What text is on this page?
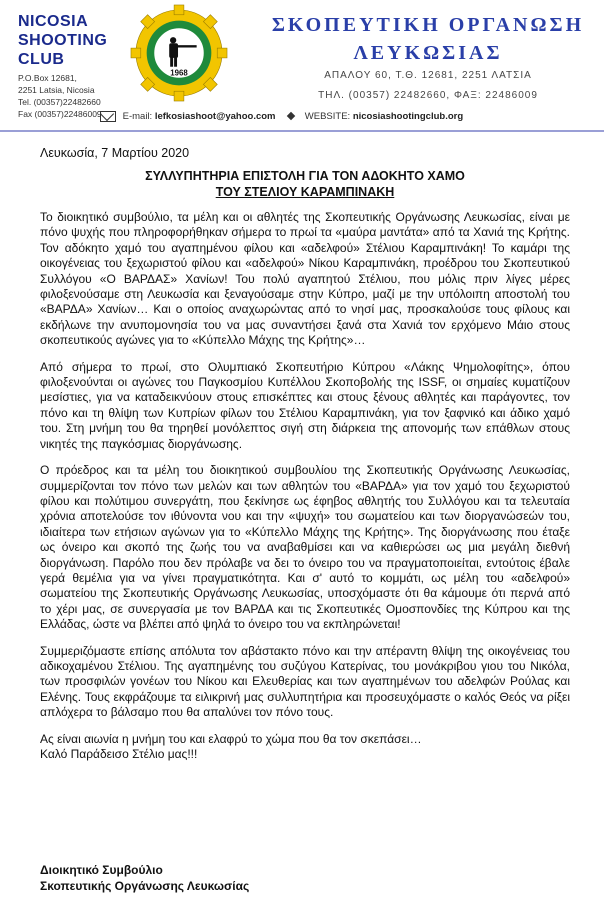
NICOSIA
SHOOTING
CLUB
P.O.Box 12681,
2251 Latsia, Nicosia
Tel. (00357)22482660
Fax (00357)22486009
1968
ΣΚΟΠΕΥΤΙΚΗ ΟΡΓΑΝΩΣΗ
ΛΕΥΚΩΣΙΑΣ
ΑΠΑΛΟΥ 60, Τ.Θ. 12681, 2251 ΛΑΤΣΙΑ
ΤΗΛ. (00357) 22482660, ΦΑΞ: 22486009
E-mail: lefkosiashoot@yahoo.com	WEBSITE: nicosiashootingclub.org
Λευκωσία, 7 Μαρτίου 2020
ΣΥΛΛΥΠΗΤΗΡΙΑ ΕΠΙΣΤΟΛΗ ΓΙΑ ΤΟΝ ΑΔΟΚΗΤΟ ΧΑΜΟ
ΤΟΥ ΣΤΕΛΙΟΥ ΚΑΡΑΜΠΙΝΑΚΗ

Το διοικητικό συμβούλιο, τα μέλη και οι αθλητές της Σκοπευτικής Οργάνωσης Λευκωσίας, είναι με πόνο ψυχής που πληροφορήθηκαν σήμερα το πρωί τα «μαύρα μαντάτα» από τα Χανιά της Κρήτης. Τον αδόκητο χαμό του αγαπημένου φίλου και «αδελφού» Στέλιου Καραμπινάκη! Το καμάρι της οικογένειας του ξεχωριστού φίλου και «αδελφού» Νίκου Καραμπινάκη, προέδρου του Σκοπευτικού Συλλόγου «Ο ΒΑΡΔΑΣ» Χανίων! Του πολύ αγαπητού Στέλιου, που μόλις πριν λίγες μέρες φιλοξενούσαμε στη Λευκωσία και ξεναγούσαμε στην Κύπρο, μαζί με την υπόλοιπη αποστολή του «ΒΑΡΔΑ» Χανίων… Και ο οποίος αναχωρώντας από το νησί μας, προσκαλούσε τους φίλους και εκδήλωνε την ανυπομονησία του να μας συναντήσει ξανά στα Χανιά τον ερχόμενο Μάιο στους σκοπευτικούς αγώνες για το «Κύπελλο Μάχης της Κρήτης»…

Από σήμερα το πρωί, στο Ολυμπιακό Σκοπευτήριο Κύπρου «Λάκης Ψημολοφίτης», όπου φιλοξενούνται οι αγώνες του Παγκοσμίου Κυπέλλου Σκοποβολής της ISSF, οι σημαίες κυματίζουν μεσίστιες, για να καταδεικνύουν στους επισκέπτες και στους ξένους αθλητές και παράγοντες, τον πόνο και τη θλίψη των Κυπρίων φίλων του Στέλιου Καραμπινάκη, για τον ξαφνικό και άδικο χαμό του. Στη μνήμη του θα τηρηθεί μονόλεπτος σιγή στη διάρκεια της απονομής των επάθλων στους νικητές της παγκόσμιας διοργάνωσης.

Ο πρόεδρος και τα μέλη του διοικητικού συμβουλίου της Σκοπευτικής Οργάνωσης Λευκωσίας, συμμερίζονται τον πόνο των μελών και των αθλητών του «ΒΑΡΔΑ» για τον χαμό του ξεχωριστού φίλου και πολύτιμου συνεργάτη, που ξεκίνησε ως έφηβος αθλητής του Συλλόγου και τα τελευταία χρόνια αποτελούσε τον ιθύνοντα νου και την «ψυχή» του σωματείου και των διοργανώσεών του, ιδιαίτερα των ετήσιων αγώνων για το «Κύπελλο Μάχης της Κρήτης». Της διοργάνωσης που έταξε ως όνειρο και σκοπό της ζωής του να αναβαθμίσει και να καθιερώσει ως μια μεγάλη διεθνή διοργάνωση. Παρόλο που δεν πρόλαβε να δει το όνειρο του να πραγματοποιείται, εντούτοις έβαλε γερά θεμέλια για να γίνει πραγματικότητα. Και σ' αυτό το κομμάτι, ως μέλη του «αδελφού» σωματείου της Σκοπευτικής Οργάνωσης Λευκωσίας, υποσχόμαστε ότι θα κάμουμε ότι περνά από το χέρι μας, σε συνεργασία με τον ΒΑΡΔΑ και τις Σκοπευτικές Ομοσπονδίες της Κύπρου και της Ελλάδας, ώστε να βλέπει από ψηλά το όνειρο του να εκπληρώνεται!

Συμμεριζόμαστε επίσης απόλυτα τον αβάστακτο πόνο και την απέραντη θλίψη της οικογένειας του αδικοχαμένου Στέλιου. Της αγαπημένης του συζύγου Κατερίνας, του μονάκριβου γιου του Νικόλα, των προσφιλών γονέων του Νίκου και Ελευθερίας και των αγαπημένων του αδελφών Ρούλας και Ελένης. Τους εκφράζουμε τα ειλικρινή μας συλλυπητήρια και προσευχόμαστε ο καλός Θεός να ρίξει απλόχερα το βάλσαμο που θα απαλύνει τον πόνο τους.

Ας είναι αιωνία η μνήμη του και ελαφρύ το χώμα που θα τον σκεπάσει…

Καλό Παράδεισο Στέλιο μας!!!

Διοικητικό Συμβούλιο
Σκοπευτικής Οργάνωσης Λευκωσίας
